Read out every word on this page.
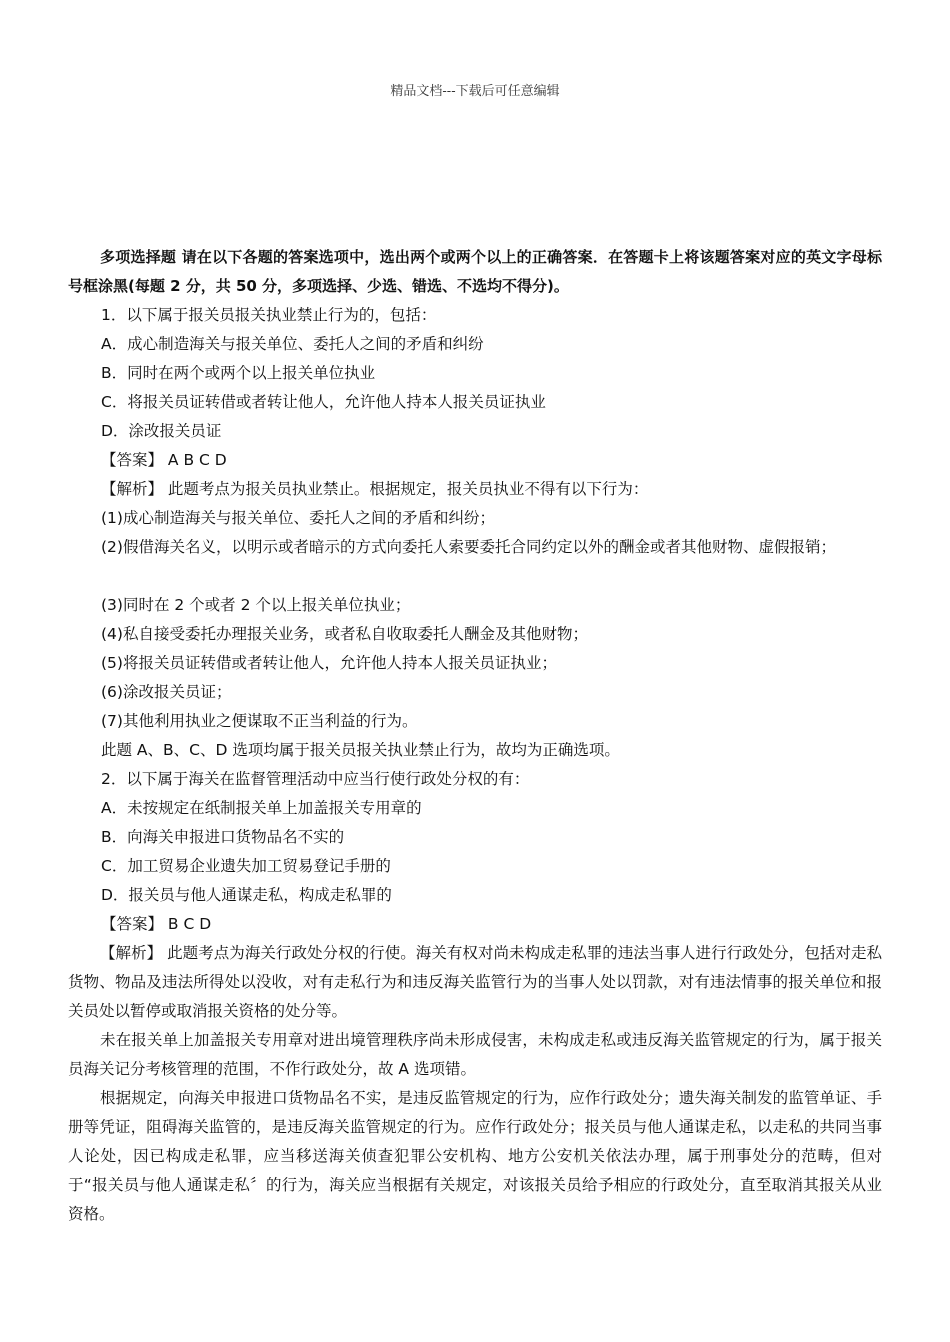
精品文档---下载后可任意编辑

多项选择题 请在以下各题的答案选项中，选出两个或两个以上的正确答案．在答题卡上将该题答案对应的英文字母标号框涂黑(每题 2 分，共 50 分，多项选择、少选、错选、不选均不得分)。

1．以下属于报关员报关执业禁止行为的，包括：

A．成心制造海关与报关单位、委托人之间的矛盾和纠纷

B．同时在两个或两个以上报关单位执业

C．将报关员证转借或者转让他人，允许他人持本人报关员证执业

D．涂改报关员证

【答案】 A B C D

【解析】 此题考点为报关员执业禁止。根据规定，报关员执业不得有以下行为：

(1)成心制造海关与报关单位、委托人之间的矛盾和纠纷；

(2)假借海关名义，以明示或者暗示的方式向委托人索要委托合同约定以外的酬金或者其他财物、虚假报销；

(3)同时在 2 个或者 2 个以上报关单位执业；

(4)私自接受委托办理报关业务，或者私自收取委托人酬金及其他财物；

(5)将报关员证转借或者转让他人，允许他人持本人报关员证执业；

(6)涂改报关员证；

(7)其他利用执业之便谋取不正当利益的行为。

此题 A、B、C、D 选项均属于报关员报关执业禁止行为，故均为正确选项。

2．以下属于海关在监督管理活动中应当行使行政处分权的有：

A．未按规定在纸制报关单上加盖报关专用章的

B．向海关申报进口货物品名不实的

C．加工贸易企业遗失加工贸易登记手册的

D．报关员与他人通谋走私，构成走私罪的

【答案】 B C D

【解析】 此题考点为海关行政处分权的行使。海关有权对尚未构成走私罪的违法当事人进行行政处分，包括对走私货物、物品及违法所得处以没收，对有走私行为和违反海关监管行为的当事人处以罚款，对有违法情事的报关单位和报关员处以暂停或取消报关资格的处分等。

未在报关单上加盖报关专用章对进出境管理秩序尚未形成侵害，未构成走私或违反海关监管规定的行为，属于报关员海关记分考核管理的范围，不作行政处分，故 A 选项错。

根据规定，向海关申报进口货物品名不实，是违反监管规定的行为，应作行政处分；遗失海关制发的监管单证、手册等凭证，阻碍海关监管的，是违反海关监管规定的行为。应作行政处分；报关员与他人通谋走私，以走私的共同当事人论处，因已构成走私罪，应当移送海关侦查犯罪公安机构、地方公安机关依法办理，属于刑事处分的范畴，但对于“报关员与他人通谋走私〞的行为，海关应当根据有关规定，对该报关员给予相应的行政处分，直至取消其报关从业资格。
